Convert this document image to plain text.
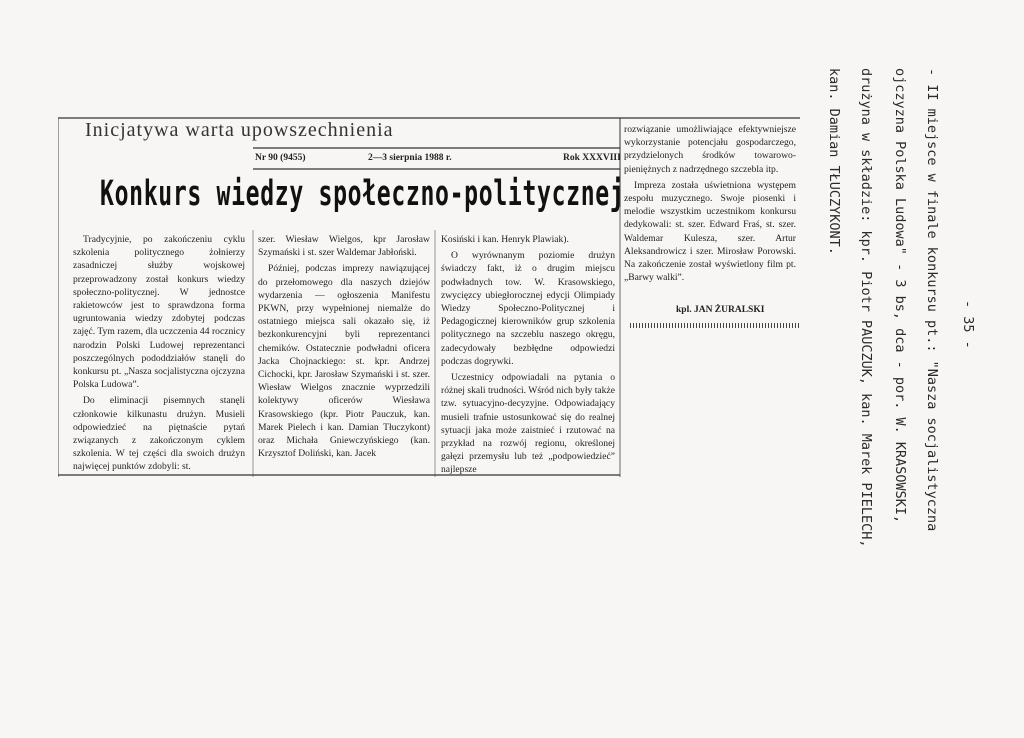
Inicjatywa warta upowszechnienia
Nr 90 (9455)	2—3 sierpnia 1988 r.	Rok XXXVIII
Konkurs wiedzy społeczno-politycznej

Tradycyjnie, po zakończeniu cyklu szkolenia politycznego żołnierzy zasadniczej służby wojskowej przeprowadzony został konkurs wiedzy społeczno-politycznej. W jednostce rakietowców jest to sprawdzona forma ugruntowania wiedzy zdobytej podczas zajęć. Tym razem, dla uczczenia 44 rocznicy narodzin Polski Ludowej reprezentanci poszczególnych pododdziałów stanęli do konkursu pt. „Nasza socjalistyczna ojczyzna Polska Ludowa”.

Do eliminacji pisemnych stanęli członkowie kilkunastu drużyn. Musieli odpowiedzieć na piętnaście pytań związanych z zakończonym cyklem szkolenia. W tej części dla swoich drużyn najwięcej punktów zdobyli: st.

szer. Wiesław Wielgos, kpr Jarosław Szymański i st. szer Waldemar Jabłoński.

Później, podczas imprezy nawiązującej do przełomowego dla naszych dziejów wydarzenia — ogłoszenia Manifestu PKWN, przy wypełnionej niemalże do ostatniego miejsca sali okazało się, iż bezkonkurencyjni byli reprezentanci chemików. Ostatecznie podwładni oficera Jacka Chojnackiego: st. kpr. Andrzej Cichocki, kpr. Jarosław Szymański i st. szer. Wiesław Wielgos znacznie wyprzedzili kolektywy oficerów Wiesława Krasowskiego (kpr. Piotr Pauczuk, kan. Marek Pielech i kan. Damian Tłuczykont) oraz Michała Gniewczyńskiego (kan. Krzysztof Doliński, kan. Jacek

Kosiński i kan. Henryk Plawiak).

O wyrównanym poziomie drużyn świadczy fakt, iż o drugim miejscu podwładnych tow. W. Krasowskiego, zwycięzcy ubiegłorocznej edycji Olimpiady Wiedzy Społeczno-Politycznej i Pedagogicznej kierowników grup szkolenia politycznego na szczeblu naszego okręgu, zadecydowały bezbłędne odpowiedzi podczas dogrywki.

Uczestnicy odpowiadali na pytania o różnej skali trudności. Wśród nich były także tzw. sytuacyjno-decyzyjne. Odpowiadający musieli trafnie ustosunkować się do realnej sytuacji jaka może zaistnieć i rzutować na przykład na rozwój regionu, określonej gałęzi przemysłu lub też „podpowiedzieć” najlepsze

rozwiązanie umożliwiające efektywniejsze wykorzystanie potencjału gospodarczego, przydzielonych środków towarowo-pieniężnych z nadrzędnego szczebla itp.

Impreza została uświetniona występem zespołu muzycznego. Swoje piosenki i melodie wszystkim uczestnikom konkursu dedykowali: st. szer. Edward Fraś, st. szer. Waldemar Kulesza, szer. Artur Aleksandrowicz i szer. Mirosław Porowski. Na zakończenie został wyświetlony film pt. „Barwy walki”.

kpl. JAN ŻURALSKI	- II miejsce w finale konkursu pt.: "Nasza socjalistyczna
ojczyzna Polska Ludowa" - 3 bs, dca - por. W. KRASOWSKI,
drużyna w składzie: kpr. Piotr PAUCZUK, kan. Marek PIELECH,
kan. Damian TŁUCZYKONT.
- 35 -
